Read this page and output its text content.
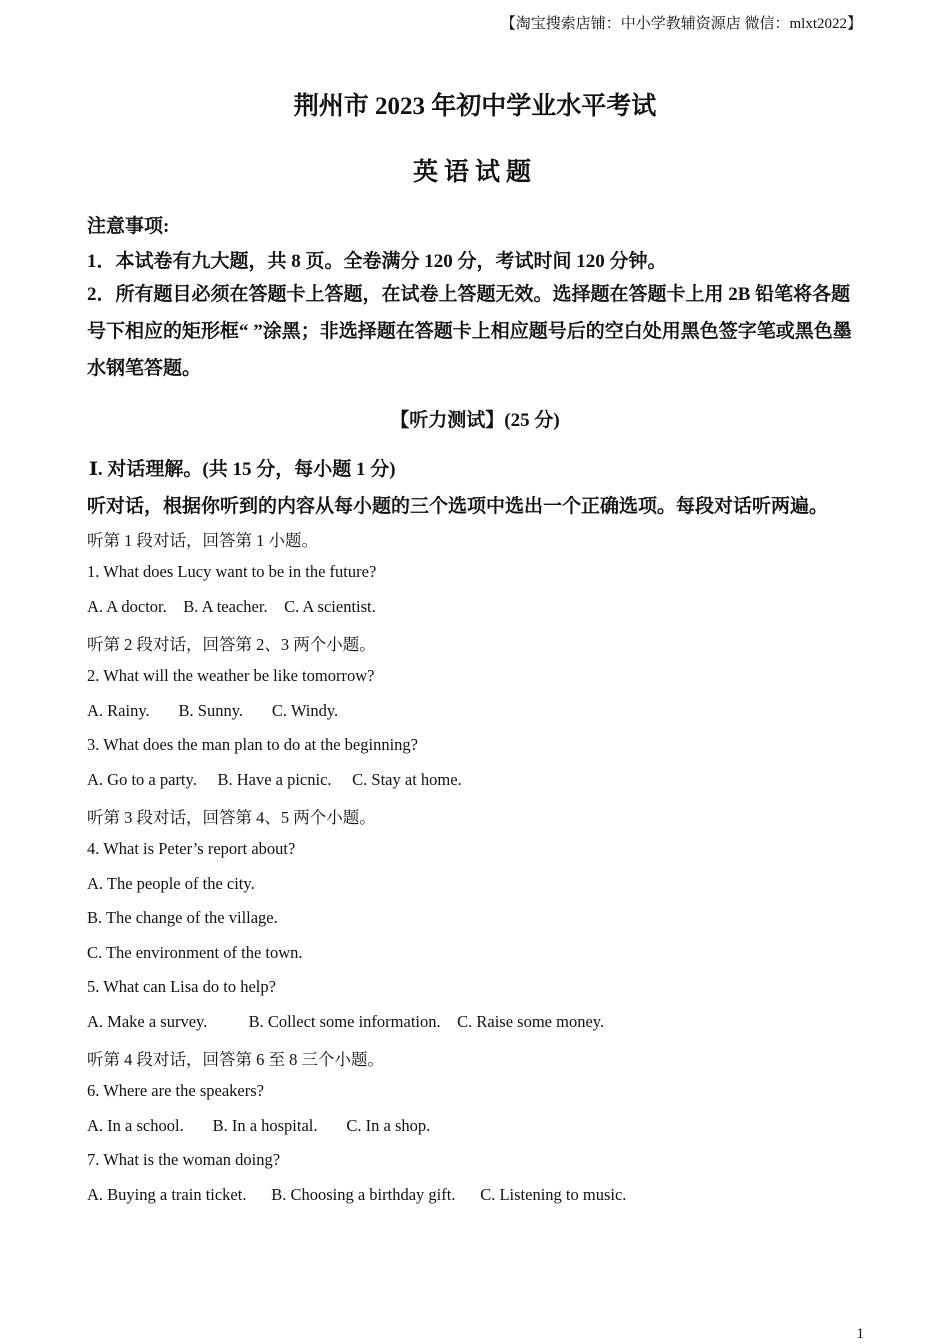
【淘宝搜索店铺：中小学教辅资源店 微信：mlxt2022】
荆州市 2023 年初中学业水平考试
英语试题
注意事项:
1．本试卷有九大题，共 8 页。全卷满分 120 分，考试时间 120 分钟。
2．所有题目必须在答题卡上答题，在试卷上答题无效。选择题在答题卡上用 2B 铅笔将各题号下相应的矩形框“ ”涂黑；非选择题在答题卡上相应题号后的空白处用黑色签字笔或黑色墨水钢笔答题。
【听力测试】(25 分)
Ⅰ. 对话理解。(共 15 分，每小题 1 分)
听对话，根据你听到的内容从每小题的三个选项中选出一个正确选项。每段对话听两遍。
听第 1 段对话，回答第 1 小题。
1. What does Lucy want to be in the future?
A. A doctor.    B. A teacher.    C. A scientist.
听第 2 段对话，回答第 2、3 两个小题。
2. What will the weather be like tomorrow?
A. Rainy.       B. Sunny.       C. Windy.
3. What does the man plan to do at the beginning?
A. Go to a party.     B. Have a picnic.     C. Stay at home.
听第 3 段对话，回答第 4、5 两个小题。
4. What is Peter’s report about?
A. The people of the city.
B. The change of the village.
C. The environment of the town.
5. What can Lisa do to help?
A. Make a survey.          B. Collect some information.    C. Raise some money.
听第 4 段对话，回答第 6 至 8 三个小题。
6. Where are the speakers?
A. In a school.       B. In a hospital.       C. In a shop.
7. What is the woman doing?
A. Buying a train ticket.      B. Choosing a birthday gift.      C. Listening to music.
1
